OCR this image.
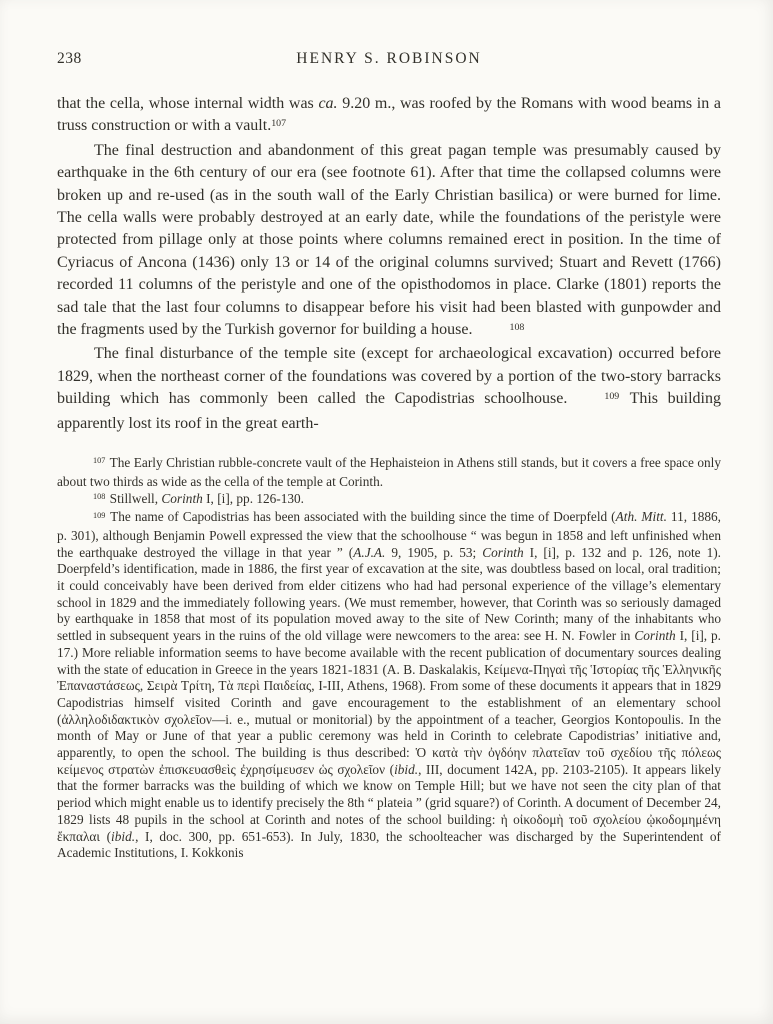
238	HENRY S. ROBINSON

that the cella, whose internal width was ca. 9.20 m., was roofed by the Romans with wood beams in a truss construction or with a vault.107

The final destruction and abandonment of this great pagan temple was presumably caused by earthquake in the 6th century of our era (see footnote 61). After that time the collapsed columns were broken up and re-used (as in the south wall of the Early Christian basilica) or were burned for lime. The cella walls were probably destroyed at an early date, while the foundations of the peristyle were protected from pillage only at those points where columns remained erect in position. In the time of Cyriacus of Ancona (1436) only 13 or 14 of the original columns survived; Stuart and Revett (1766) recorded 11 columns of the peristyle and one of the opisthodomos in place. Clarke (1801) reports the sad tale that the last four columns to disappear before his visit had been blasted with gunpowder and the fragments used by the Turkish governor for building a house.	108

The final disturbance of the temple site (except for archaeological excavation) occurred before 1829, when the northeast corner of the foundations was covered by a portion of the two-story barracks building which has commonly been called the Capodistrias schoolhouse.	109 This building apparently lost its roof in the great earth-

107 The Early Christian rubble-concrete vault of the Hephaisteion in Athens still stands, but it covers a free space only about two thirds as wide as the cella of the temple at Corinth.

108 Stillwell, Corinth I, [i], pp. 126-130.

109 The name of Capodistrias has been associated with the building since the time of Doerpfeld (Ath. Mitt. 11, 1886, p. 301), although Benjamin Powell expressed the view that the schoolhouse “ was begun in 1858 and left unfinished when the earthquake destroyed the village in that year ” (A.J.A. 9, 1905, p. 53; Corinth I, [i], p. 132 and p. 126, note 1). Doerpfeld’s identification, made in 1886, the first year of excavation at the site, was doubtless based on local, oral tradition; it could conceivably have been derived from elder citizens who had had personal experience of the village’s elementary school in 1829 and the immediately following years. (We must remember, however, that Corinth was so seriously damaged by earthquake in 1858 that most of its population moved away to the site of New Corinth; many of the inhabitants who settled in subsequent years in the ruins of the old village were newcomers to the area: see H. N. Fowler in Corinth I, [i], p. 17.) More reliable information seems to have become available with the recent publication of documentary sources dealing with the state of education in Greece in the years 1821-1831 (A. B. Daskalakis, Κείμενα-Πηγαὶ τῆς Ἱστορίας τῆς Ἑλληνικῆς Ἐπαναστάσεως, Σειρὰ Τρίτη, Τὰ περὶ Παιδείας, I-III, Athens, 1968). From some of these documents it appears that in 1829 Capodistrias himself visited Corinth and gave encouragement to the establishment of an elementary school (ἀλληλοδιδακτικὸν σχολεῖον—i. e., mutual or monitorial) by the appointment of a teacher, Georgios Kontopoulis. In the month of May or June of that year a public ceremony was held in Corinth to celebrate Capodistrias’ initiative and, apparently, to open the school. The building is thus described: Ὁ κατὰ τὴν ὀγδόην πλατεῖαν τοῦ σχεδίου τῆς πόλεως κείμενος στρατὼν ἐπισκευασθεὶς ἐχρησίμευσεν ὡς σχολεῖον (ibid., III, document 142A, pp. 2103-2105). It appears likely that the former barracks was the building of which we know on Temple Hill; but we have not seen the city plan of that period which might enable us to identify precisely the 8th “ plateia ” (grid square?) of Corinth. A document of December 24, 1829 lists 48 pupils in the school at Corinth and notes of the school building: ἡ οἰκοδομὴ τοῦ σχολείου ᾠκοδομημένη ἔκπαλαι (ibid., I, doc. 300, pp. 651-653). In July, 1830, the schoolteacher was discharged by the Superintendent of Academic Institutions, I. Kokkonis
